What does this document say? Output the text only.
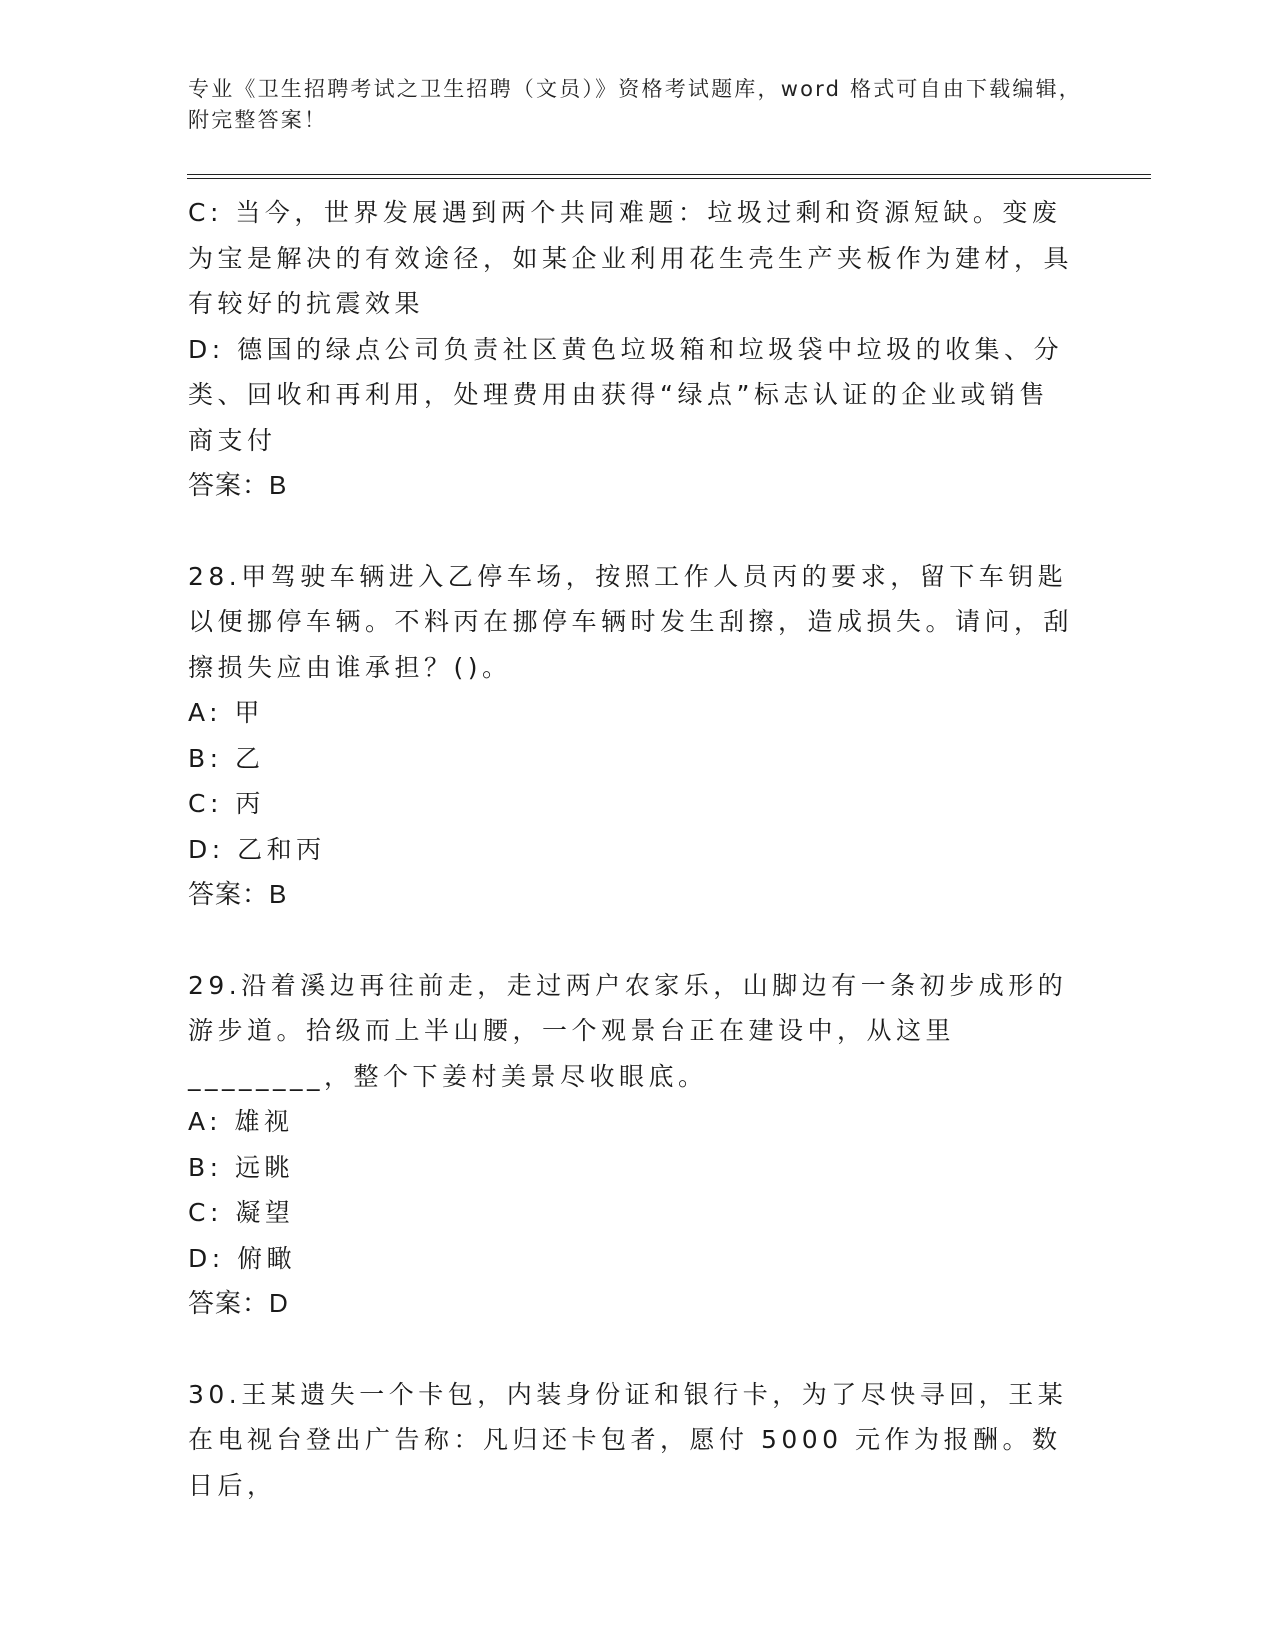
专业《卫生招聘考试之卫生招聘（文员）》资格考试题库，word 格式可自由下载编辑，附完整答案！

C: 当今，世界发展遇到两个共同难题：垃圾过剩和资源短缺。变废为宝是解决的有效途径，如某企业利用花生壳生产夹板作为建材，具有较好的抗震效果

D: 德国的绿点公司负责社区黄色垃圾箱和垃圾袋中垃圾的收集、分类、回收和再利用，处理费用由获得“绿点”标志认证的企业或销售商支付

答案：B

28.甲驾驶车辆进入乙停车场，按照工作人员丙的要求，留下车钥匙以便挪停车辆。不料丙在挪停车辆时发生刮擦，造成损失。请问，刮擦损失应由谁承担？()。

A: 甲

B: 乙

C: 丙

D: 乙和丙

答案：B

29.沿着溪边再往前走，走过两户农家乐，山脚边有一条初步成形的游步道。拾级而上半山腰，一个观景台正在建设中，从这里________，整个下姜村美景尽收眼底。

A: 雄视

B: 远眺

C: 凝望

D: 俯瞰

答案：D

30.王某遗失一个卡包，内装身份证和银行卡，为了尽快寻回，王某在电视台登出广告称：凡归还卡包者，愿付 5000 元作为报酬。数日后，
